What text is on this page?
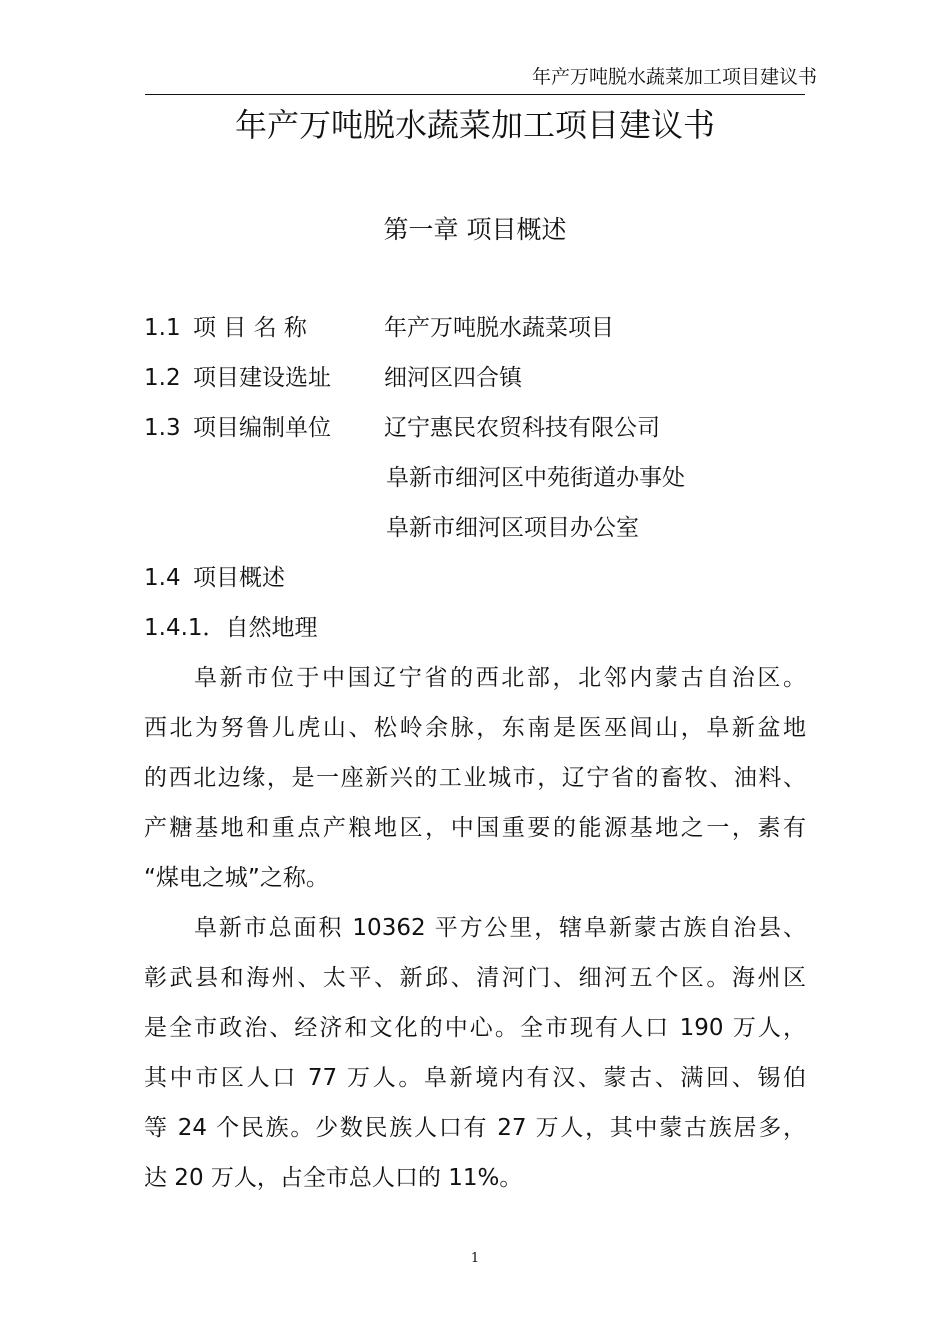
年产万吨脱水蔬菜加工项目建议书
年产万吨脱水蔬菜加工项目建议书
第一章 项目概述
1.1 项 目 名 称	年产万吨脱水蔬菜项目
1.2 项目建设选址 细河区四合镇
1.3 项目编制单位 辽宁惠民农贸科技有限公司
阜新市细河区中苑街道办事处
阜新市细河区项目办公室
1.4 项目概述
1.4.1．自然地理
阜新市位于中国辽宁省的西北部，北邻内蒙古自治区。
西北为努鲁儿虎山、松岭余脉，东南是医巫闾山，阜新盆地
的西北边缘，是一座新兴的工业城市，辽宁省的畜牧、油料、
产糖基地和重点产粮地区，中国重要的能源基地之一，素有
“煤电之城”之称。
阜新市总面积 10362 平方公里，辖阜新蒙古族自治县、
彰武县和海州、太平、新邱、清河门、细河五个区。海州区
是全市政治、经济和文化的中心。全市现有人口 190 万人，
其中市区人口 77 万人。阜新境内有汉、蒙古、满回、锡伯
等 24 个民族。少数民族人口有 27 万人，其中蒙古族居多，
达 20 万人，占全市总人口的 11%。
1
